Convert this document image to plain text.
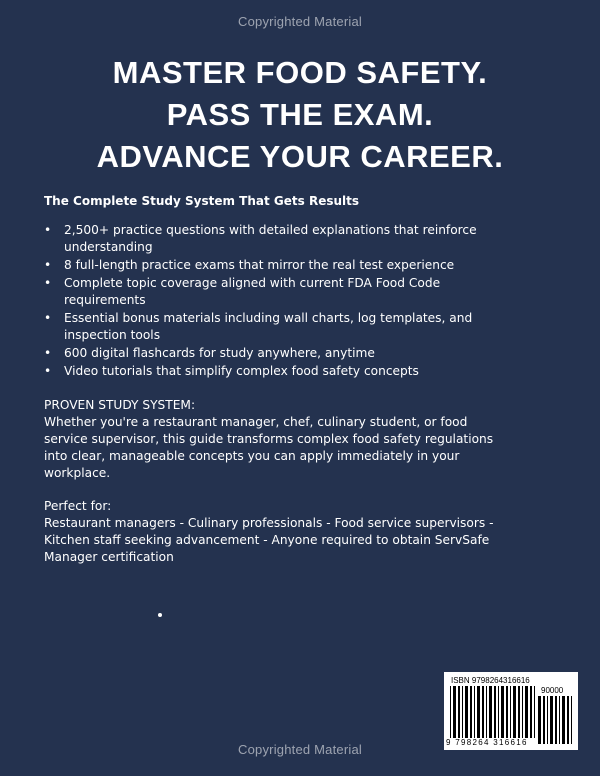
Copyrighted Material
MASTER FOOD SAFETY.
PASS THE EXAM.
ADVANCE YOUR CAREER.
The Complete Study System That Gets Results
• 2,500+ practice questions with detailed explanations that reinforce understanding
• 8 full-length practice exams that mirror the real test experience
• Complete topic coverage aligned with current FDA Food Code requirements
• Essential bonus materials including wall charts, log templates, and inspection tools
• 600 digital flashcards for study anywhere, anytime
• Video tutorials that simplify complex food safety concepts
PROVEN STUDY SYSTEM:
Whether you're a restaurant manager, chef, culinary student, or food service supervisor, this guide transforms complex food safety regulations into clear, manageable concepts you can apply immediately in your workplace.
Perfect for:
Restaurant managers - Culinary professionals - Food service supervisors - Kitchen staff seeking advancement - Anyone required to obtain ServSafe Manager certification
ISBN 9798264316616
90000
9 798264 316616
Copyrighted Material
